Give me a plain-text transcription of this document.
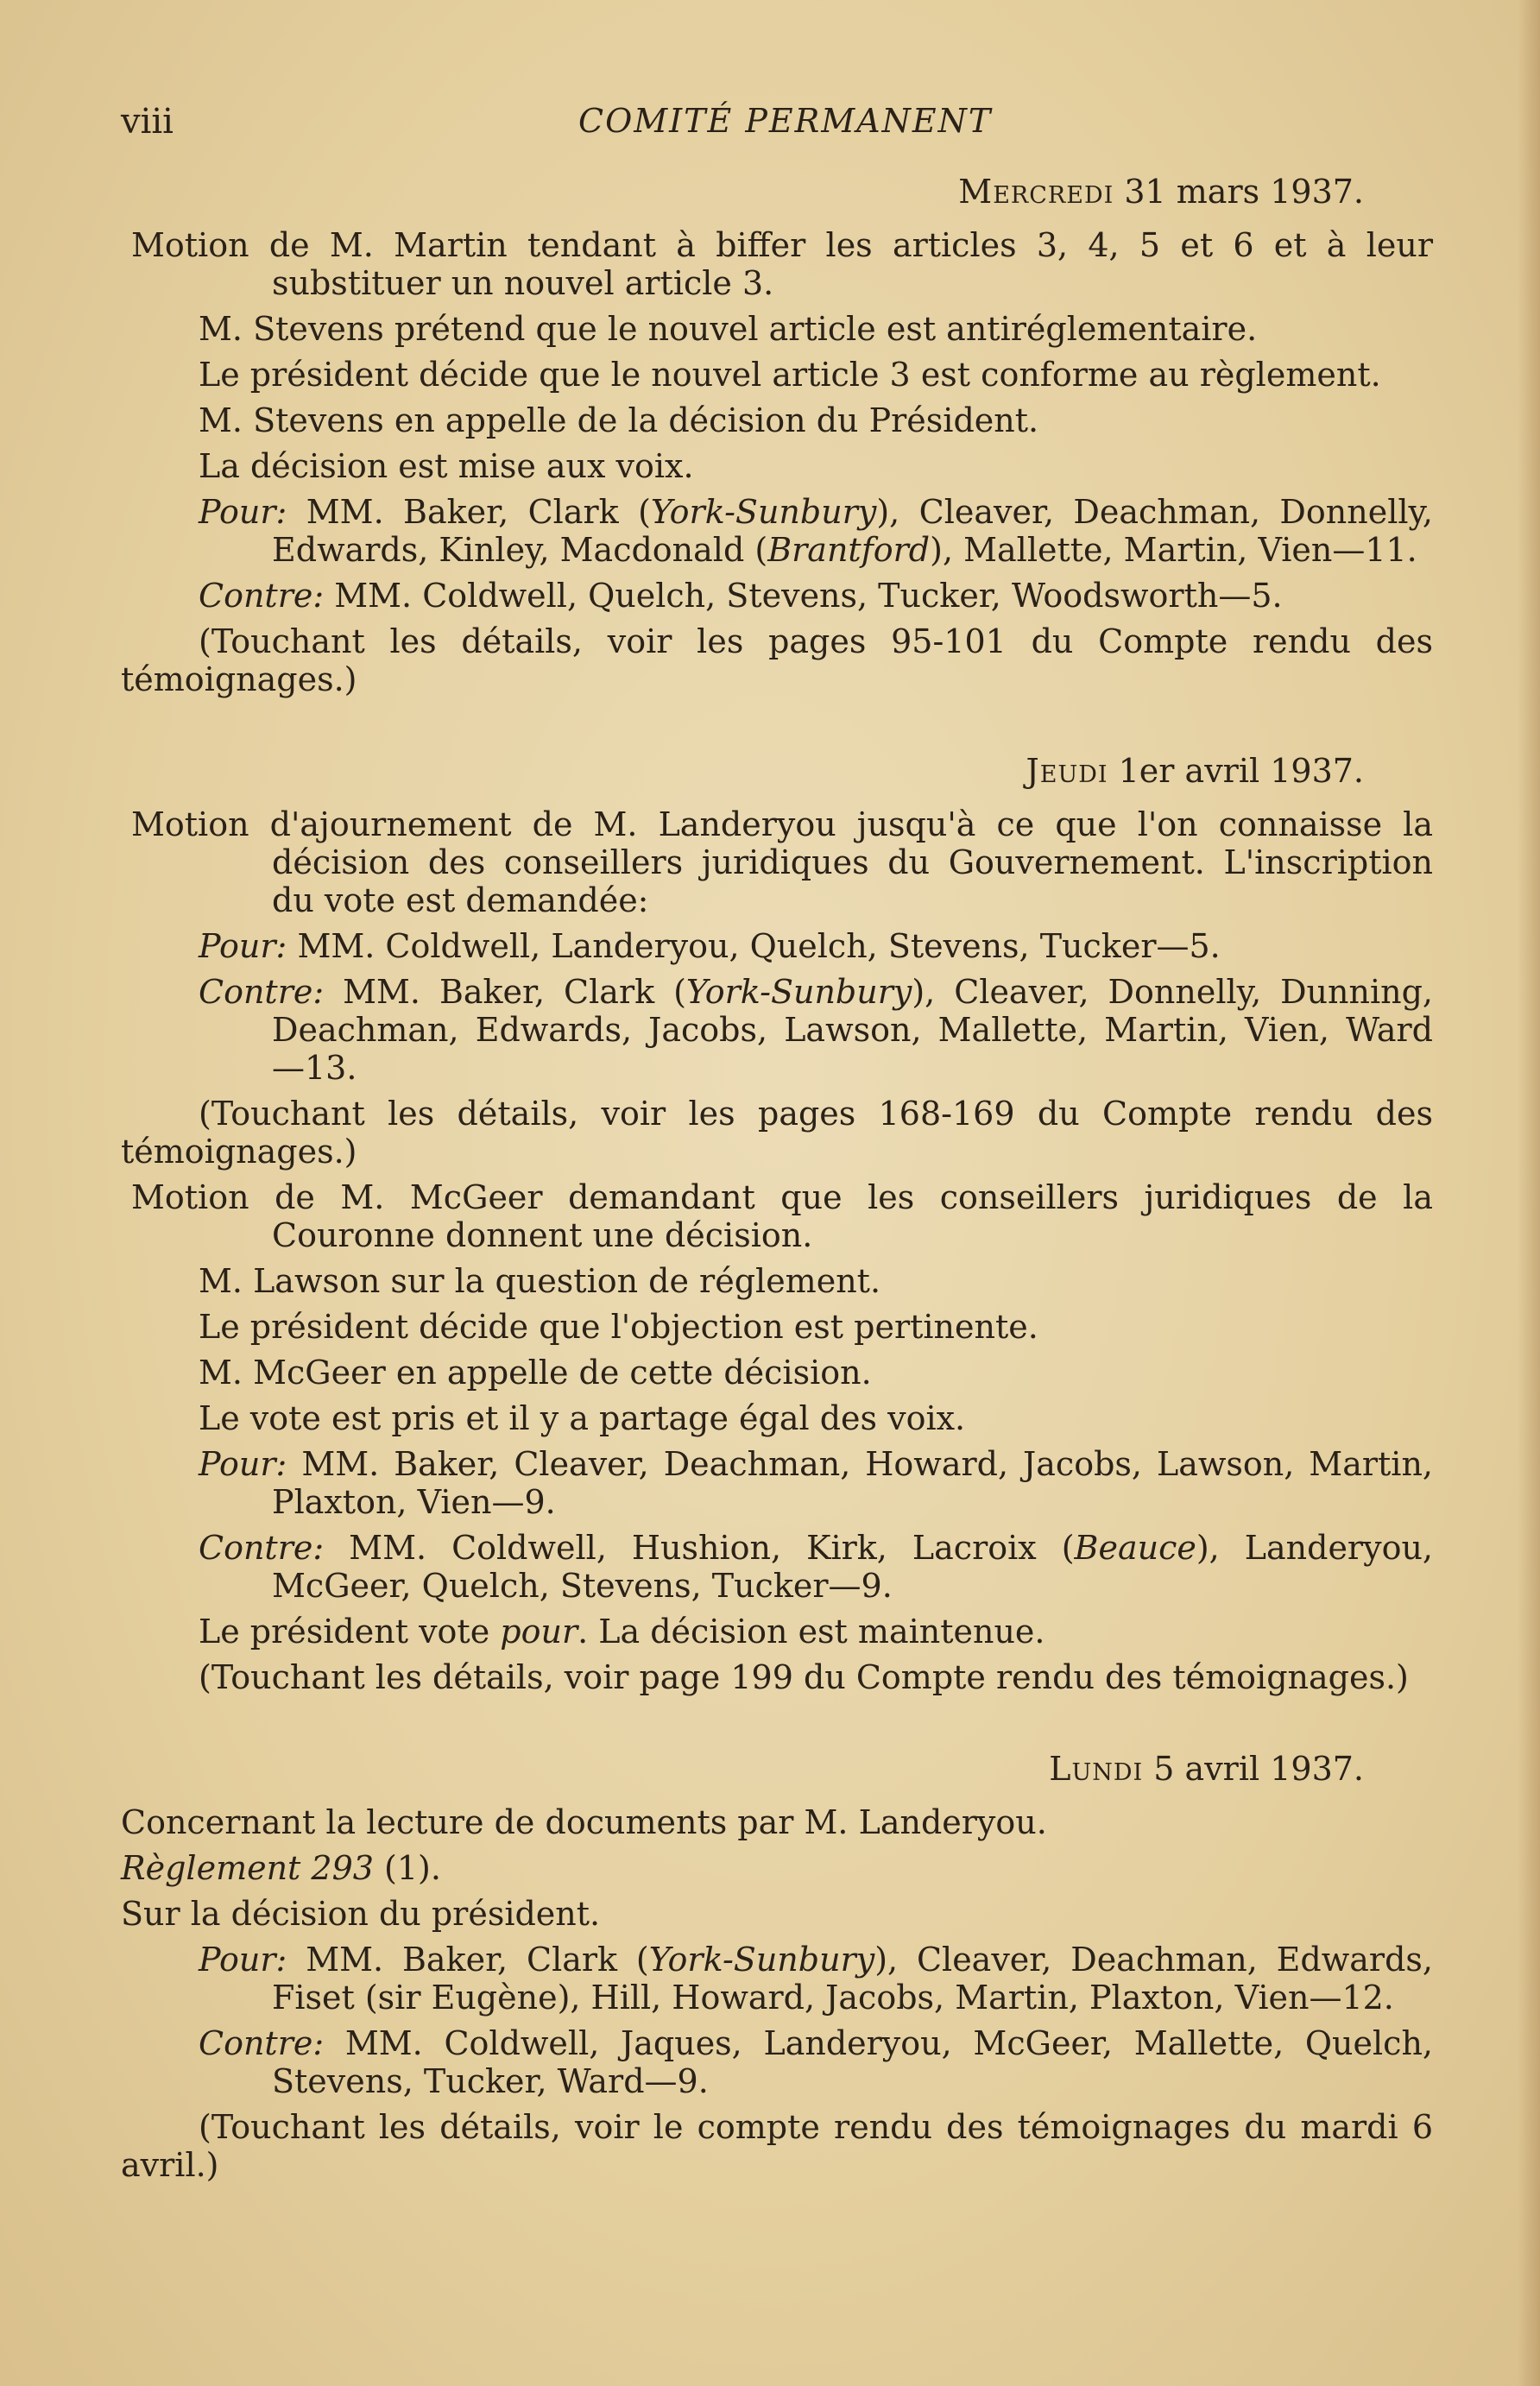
viii	COMITÉ PERMANENT
Mercredi 31 mars 1937.

Motion de M. Martin tendant à biffer les articles 3, 4, 5 et 6 et à leur substituer un nouvel article 3.

M. Stevens prétend que le nouvel article est antiréglementaire.

Le président décide que le nouvel article 3 est conforme au règlement.

M. Stevens en appelle de la décision du Président.

La décision est mise aux voix.

Pour: MM. Baker, Clark (York-Sunbury), Cleaver, Deachman, Donnelly, Edwards, Kinley, Macdonald (Brantford), Mallette, Martin, Vien—11.

Contre: MM. Coldwell, Quelch, Stevens, Tucker, Woodsworth—5.

(Touchant les détails, voir les pages 95-101 du Compte rendu des témoignages.)

Jeudi 1er avril 1937.

Motion d'ajournement de M. Landeryou jusqu'à ce que l'on connaisse la décision des conseillers juridiques du Gouvernement. L'inscription du vote est demandée:

Pour: MM. Coldwell, Landeryou, Quelch, Stevens, Tucker—5.

Contre: MM. Baker, Clark (York-Sunbury), Cleaver, Donnelly, Dunning, Deachman, Edwards, Jacobs, Lawson, Mallette, Martin, Vien, Ward —13.

(Touchant les détails, voir les pages 168-169 du Compte rendu des témoignages.)

Motion de M. McGeer demandant que les conseillers juridiques de la Couronne donnent une décision.

M. Lawson sur la question de réglement.

Le président décide que l'objection est pertinente.

M. McGeer en appelle de cette décision.

Le vote est pris et il y a partage égal des voix.

Pour: MM. Baker, Cleaver, Deachman, Howard, Jacobs, Lawson, Martin, Plaxton, Vien—9.

Contre: MM. Coldwell, Hushion, Kirk, Lacroix (Beauce), Landeryou, McGeer, Quelch, Stevens, Tucker—9.

Le président vote pour. La décision est maintenue.

(Touchant les détails, voir page 199 du Compte rendu des témoignages.)

Lundi 5 avril 1937.

Concernant la lecture de documents par M. Landeryou.

Règlement 293 (1).

Sur la décision du président.

Pour: MM. Baker, Clark (York-Sunbury), Cleaver, Deachman, Edwards, Fiset (sir Eugène), Hill, Howard, Jacobs, Martin, Plaxton, Vien—12.

Contre: MM. Coldwell, Jaques, Landeryou, McGeer, Mallette, Quelch, Stevens, Tucker, Ward—9.

(Touchant les détails, voir le compte rendu des témoignages du mardi 6 avril.)
